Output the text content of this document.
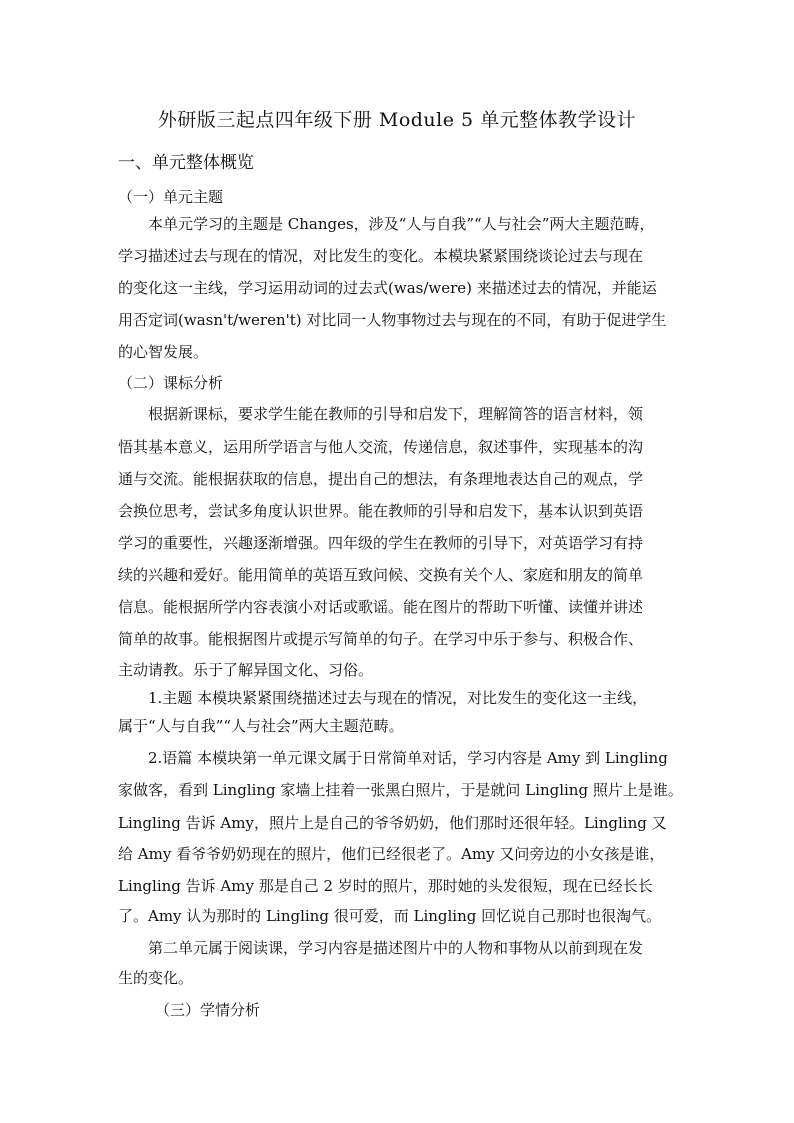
外研版三起点四年级下册 Module 5 单元整体教学设计
一、单元整体概览
（一）单元主题
本单元学习的主题是 Changes，涉及“人与自我”“人与社会”两大主题范畴，
学习描述过去与现在的情况，对比发生的变化。本模块紧紧围绕谈论过去与现在
的变化这一主线，学习运用动词的过去式(was/were) 来描述过去的情况，并能运
用否定词(wasn't/weren't) 对比同一人物事物过去与现在的不同，有助于促进学生
的心智发展。
（二）课标分析
根据新课标，要求学生能在教师的引导和启发下，理解简答的语言材料，领
悟其基本意义，运用所学语言与他人交流，传递信息，叙述事件，实现基本的沟
通与交流。能根据获取的信息，提出自己的想法，有条理地表达自己的观点，学
会换位思考，尝试多角度认识世界。能在教师的引导和启发下，基本认识到英语
学习的重要性，兴趣逐渐增强。四年级的学生在教师的引导下，对英语学习有持
续的兴趣和爱好。能用简单的英语互致问候、交换有关个人、家庭和朋友的简单
信息。能根据所学内容表演小对话或歌谣。能在图片的帮助下听懂、读懂并讲述
简单的故事。能根据图片或提示写简单的句子。在学习中乐于参与、积极合作、
主动请教。乐于了解异国文化、习俗。
1.主题 本模块紧紧围绕描述过去与现在的情况，对比发生的变化这一主线，
属于“人与自我”“人与社会”两大主题范畴。
2.语篇 本模块第一单元课文属于日常简单对话，学习内容是 Amy 到 Lingling
家做客，看到 Lingling 家墙上挂着一张黑白照片，于是就问 Lingling 照片上是谁。
Lingling 告诉 Amy，照片上是自己的爷爷奶奶，他们那时还很年轻。Lingling 又
给 Amy 看爷爷奶奶现在的照片，他们已经很老了。Amy 又问旁边的小女孩是谁，
Lingling 告诉 Amy 那是自己 2 岁时的照片，那时她的头发很短，现在已经长长
了。Amy 认为那时的 Lingling 很可爱，而 Lingling 回忆说自己那时也很淘气。
第二单元属于阅读课，学习内容是描述图片中的人物和事物从以前到现在发
生的变化。
（三）学情分析
